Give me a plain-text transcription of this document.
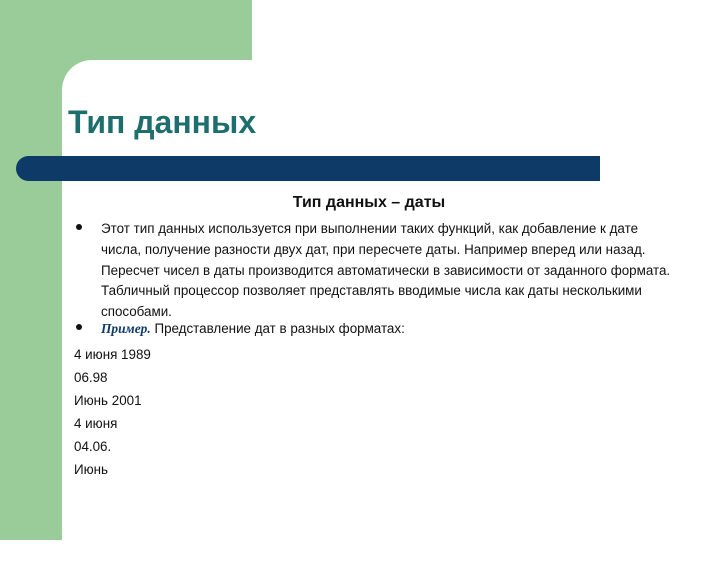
Тип данных
Тип данных – даты
Этот тип данных используется при выполнении таких функций, как добавление к дате числа, получение разности двух дат, при пересчете даты. Например вперед или назад. Пересчет чисел в даты производится автоматически в зависимости от заданного формата. Табличный процессор позволяет представлять вводимые числа как даты несколькими способами.
Пример. Представление дат в разных форматах:
4 июня 1989
06.98
Июнь 2001
4 июня
04.06.
Июнь
